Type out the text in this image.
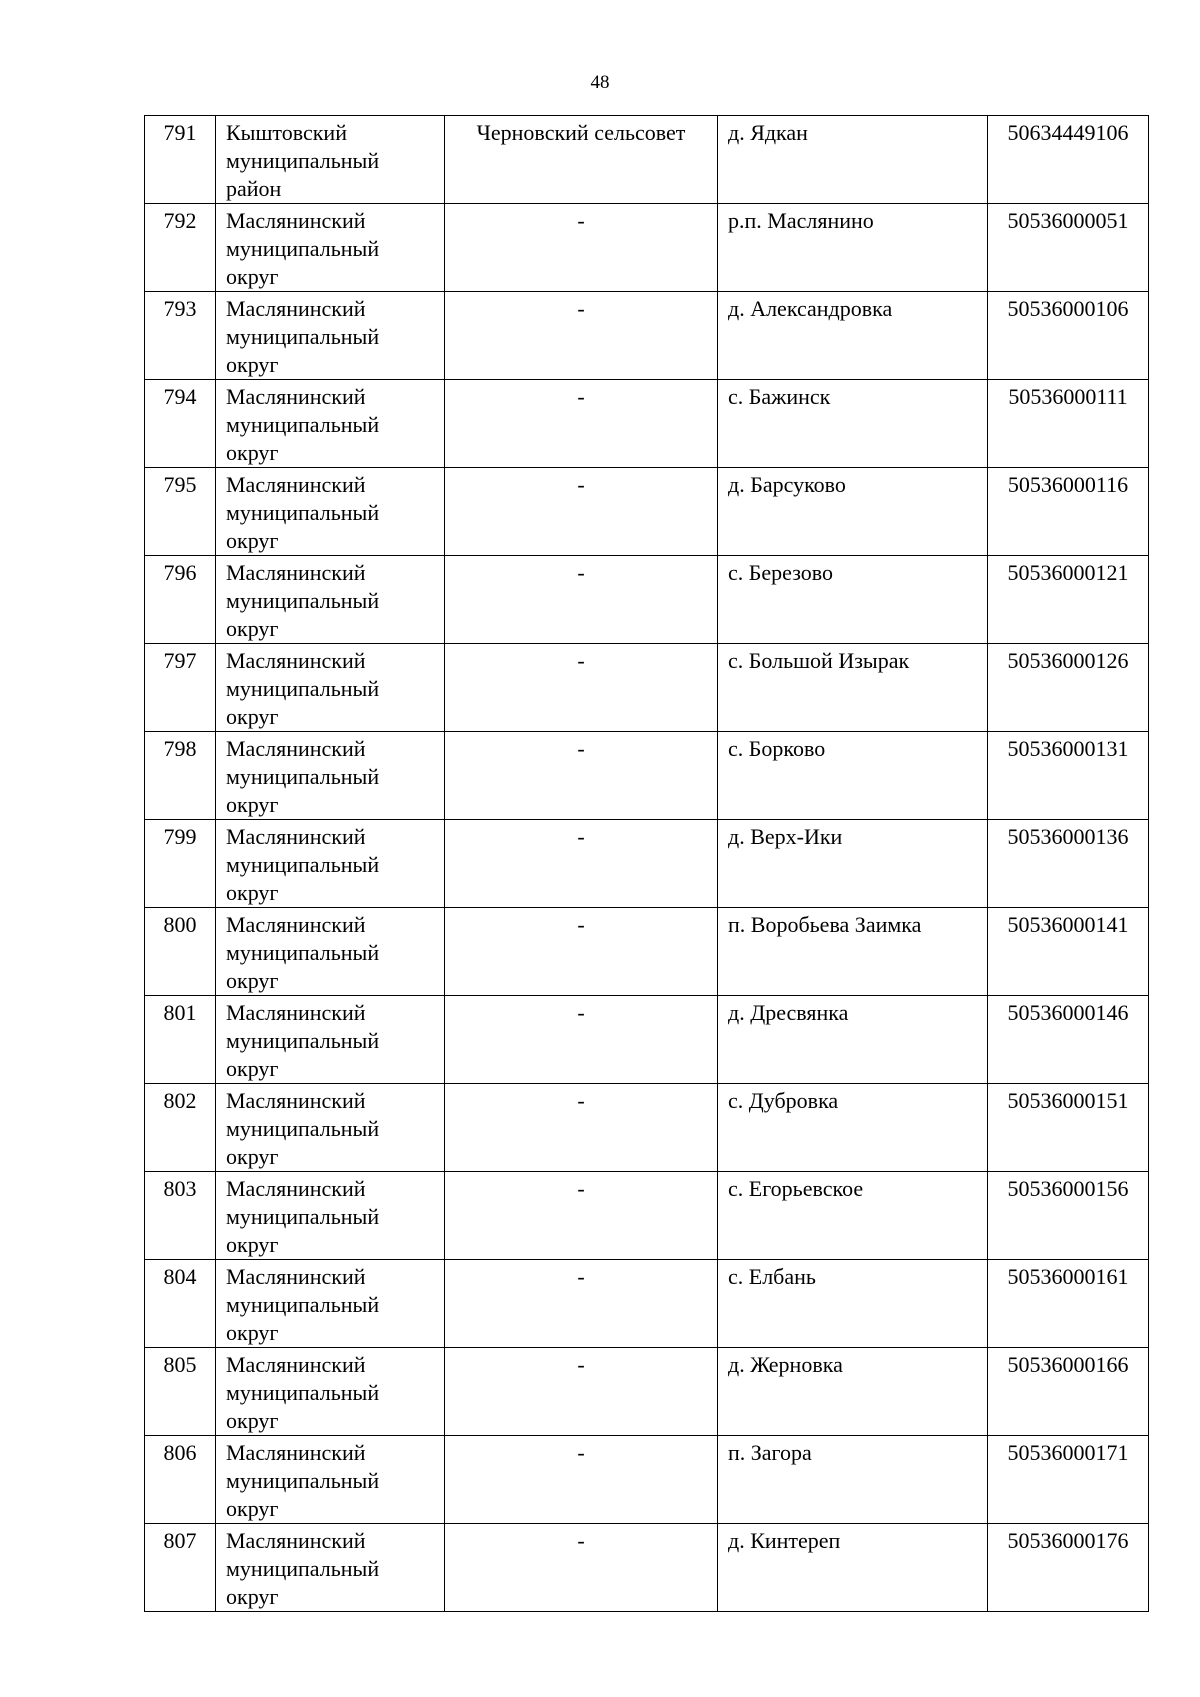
48
791	Кыштовский
муниципальный
район	Черновский сельсовет	д. Ядкан	50634449106
792	Маслянинский
муниципальный
округ	-	р.п. Маслянино	50536000051
793	Маслянинский
муниципальный
округ	-	д. Александровка	50536000106
794	Маслянинский
муниципальный
округ	-	с. Бажинск	50536000111
795	Маслянинский
муниципальный
округ	-	д. Барсуково	50536000116
796	Маслянинский
муниципальный
округ	-	с. Березово	50536000121
797	Маслянинский
муниципальный
округ	-	с. Большой Изырак	50536000126
798	Маслянинский
муниципальный
округ	-	с. Борково	50536000131
799	Маслянинский
муниципальный
округ	-	д. Верх-Ики	50536000136
800	Маслянинский
муниципальный
округ	-	п. Воробьева Заимка	50536000141
801	Маслянинский
муниципальный
округ	-	д. Дресвянка	50536000146
802	Маслянинский
муниципальный
округ	-	с. Дубровка	50536000151
803	Маслянинский
муниципальный
округ	-	с. Егорьевское	50536000156
804	Маслянинский
муниципальный
округ	-	с. Елбань	50536000161
805	Маслянинский
муниципальный
округ	-	д. Жерновка	50536000166
806	Маслянинский
муниципальный
округ	-	п. Загора	50536000171
807	Маслянинский
муниципальный
округ	-	д. Кинтереп	50536000176
